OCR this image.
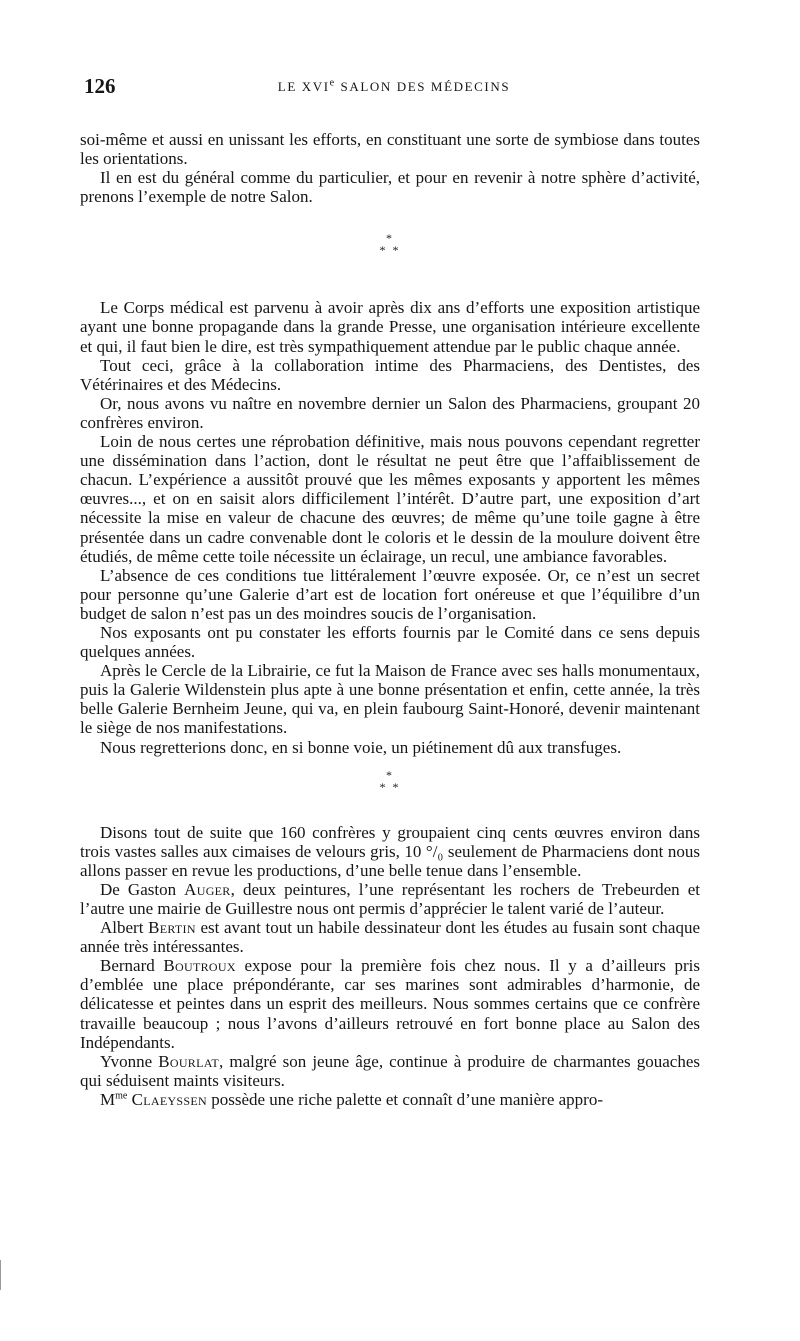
126	LE XVIe SALON DES MÉDECINS

soi-même et aussi en unissant les efforts, en constituant une sorte de symbiose dans toutes les orientations.

Il en est du général comme du particulier, et pour en revenir à notre sphère d’activité, prenons l’exemple de notre Salon.

*
* *

Le Corps médical est parvenu à avoir après dix ans d’efforts une exposition artistique ayant une bonne propagande dans la grande Presse, une organisation intérieure excellente et qui, il faut bien le dire, est très sympathiquement attendue par le public chaque année.

Tout ceci, grâce à la collaboration intime des Pharmaciens, des Dentistes, des Vétérinaires et des Médecins.

Or, nous avons vu naître en novembre dernier un Salon des Pharmaciens, groupant 20 confrères environ.

Loin de nous certes une réprobation définitive, mais nous pouvons cependant regretter une dissémination dans l’action, dont le résultat ne peut être que l’affaiblissement de chacun. L’expérience a aussitôt prouvé que les mêmes exposants y apportent les mêmes œuvres..., et on en saisit alors difficilement l’intérêt. D’autre part, une exposition d’art nécessite la mise en valeur de chacune des œuvres; de même qu’une toile gagne à être présentée dans un cadre convenable dont le coloris et le dessin de la moulure doivent être étudiés, de même cette toile nécessite un éclairage, un recul, une ambiance favorables.

L’absence de ces conditions tue littéralement l’œuvre exposée. Or, ce n’est un secret pour personne qu’une Galerie d’art est de location fort onéreuse et que l’équilibre d’un budget de salon n’est pas un des moindres soucis de l’organisation.

Nos exposants ont pu constater les efforts fournis par le Comité dans ce sens depuis quelques années.

Après le Cercle de la Librairie, ce fut la Maison de France avec ses halls monumentaux, puis la Galerie Wildenstein plus apte à une bonne présentation et enfin, cette année, la très belle Galerie Bernheim Jeune, qui va, en plein faubourg Saint-Honoré, devenir maintenant le siège de nos manifestations.

Nous regretterions donc, en si bonne voie, un piétinement dû aux transfuges.

*
* *

Disons tout de suite que 160 confrères y groupaient cinq cents œuvres environ dans trois vastes salles aux cimaises de velours gris, 10 °/₀ seulement de Pharmaciens dont nous allons passer en revue les productions, d’une belle tenue dans l’ensemble.

De Gaston Auger, deux peintures, l’une représentant les rochers de Trebeurden et l’autre une mairie de Guillestre nous ont permis d’apprécier le talent varié de l’auteur.

Albert Bertin est avant tout un habile dessinateur dont les études au fusain sont chaque année très intéressantes.

Bernard Boutroux expose pour la première fois chez nous. Il y a d’ailleurs pris d’emblée une place prépondérante, car ses marines sont admirables d’harmonie, de délicatesse et peintes dans un esprit des meilleurs. Nous sommes certains que ce confrère travaille beaucoup ; nous l’avons d’ailleurs retrouvé en fort bonne place au Salon des Indépendants.

Yvonne Bourlat, malgré son jeune âge, continue à produire de charmantes gouaches qui séduisent maints visiteurs.

$M^{me}$ Claeyssen possède une riche palette et connaît d’une manière appro-
